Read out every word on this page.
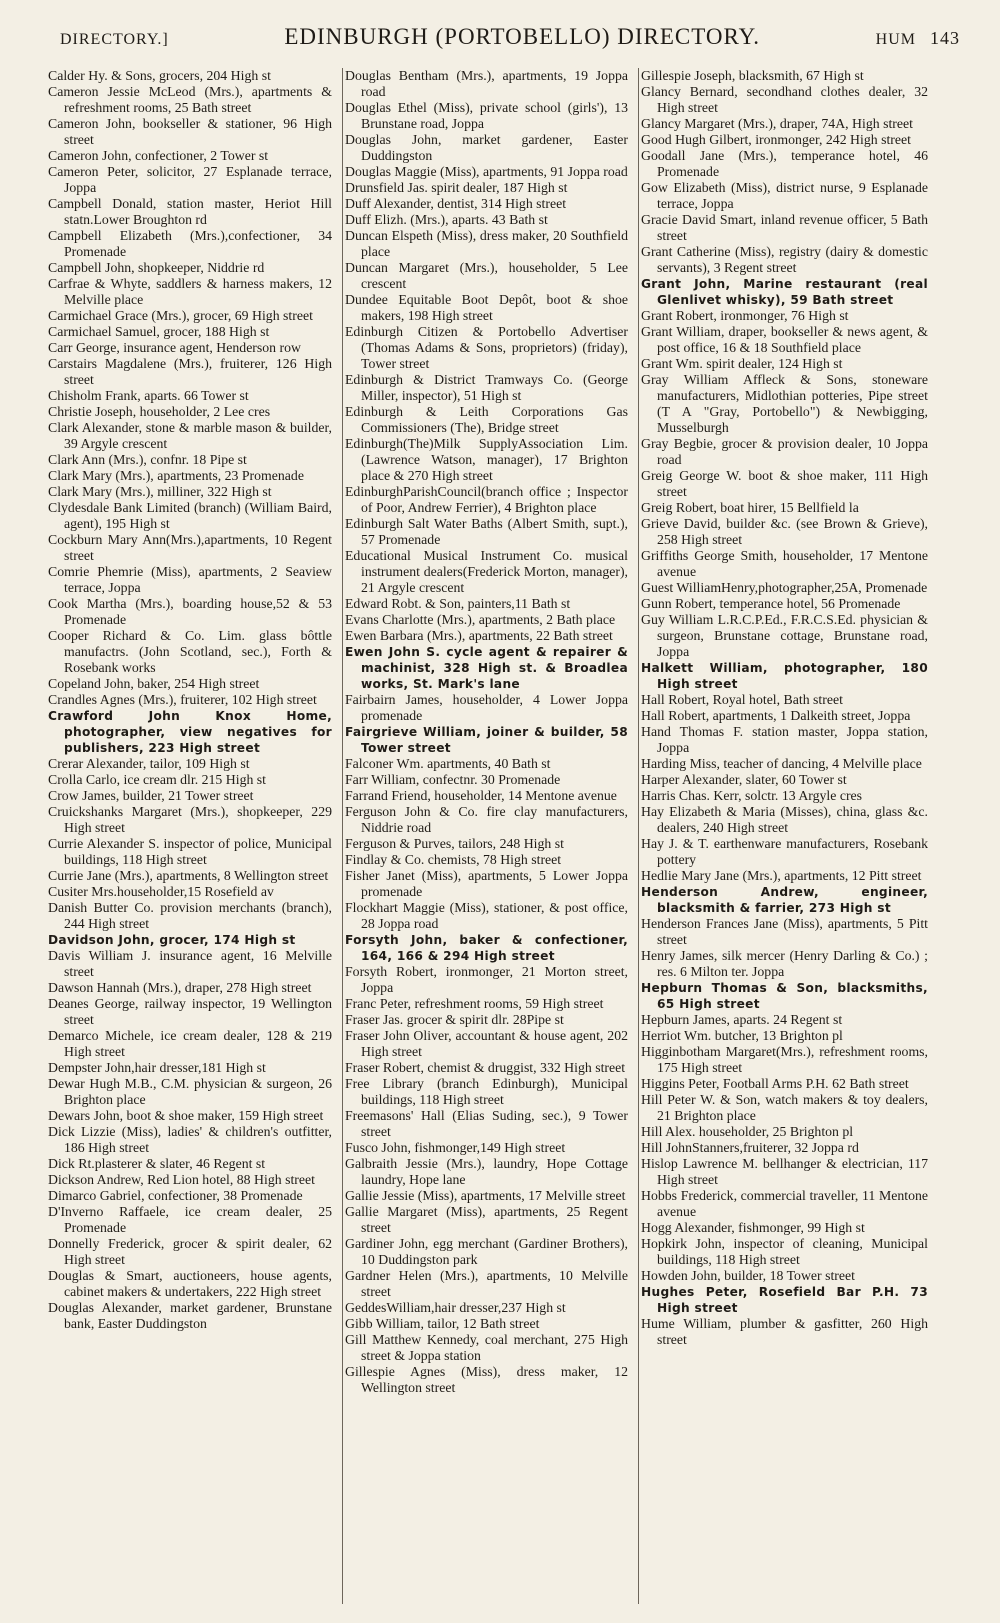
DIRECTORY.]	EDINBURGH (PORTOBELLO) DIRECTORY.	HUM 143
Calder Hy. & Sons, grocers, 204 High st
Cameron Jessie McLeod (Mrs.), apartments & refreshment rooms, 25 Bath street
Cameron John, bookseller & stationer, 96 High street
Cameron John, confectioner, 2 Tower st
Cameron Peter, solicitor, 27 Esplanade terrace, Joppa
Campbell Donald, station master, Heriot Hill statn.Lower Broughton rd
Campbell Elizabeth (Mrs.),confectioner, 34 Promenade
Campbell John, shopkeeper, Niddrie rd
Carfrae & Whyte, saddlers & harness makers, 12 Melville place
Carmichael Grace (Mrs.), grocer, 69 High street
Carmichael Samuel, grocer, 188 High st
Carr George, insurance agent, Henderson row
Carstairs Magdalene (Mrs.), fruiterer, 126 High street
Chisholm Frank, aparts. 66 Tower st
Christie Joseph, householder, 2 Lee cres
Clark Alexander, stone & marble mason & builder, 39 Argyle crescent
Clark Ann (Mrs.), confnr. 18 Pipe st
Clark Mary (Mrs.), apartments, 23 Promenade
Clark Mary (Mrs.), milliner, 322 High st
Clydesdale Bank Limited (branch) (William Baird, agent), 195 High st
Cockburn Mary Ann(Mrs.),apartments, 10 Regent street
Comrie Phemrie (Miss), apartments, 2 Seaview terrace, Joppa
Cook Martha (Mrs.), boarding house,52 & 53 Promenade
Cooper Richard & Co. Lim. glass bôttle manufactrs. (John Scotland, sec.), Forth & Rosebank works
Copeland John, baker, 254 High street
Crandles Agnes (Mrs.), fruiterer, 102 High street
Crawford John Knox Home, photographer, view negatives for publishers, 223 High street
Crerar Alexander, tailor, 109 High st
Crolla Carlo, ice cream dlr. 215 High st
Crow James, builder, 21 Tower street
Cruickshanks Margaret (Mrs.), shopkeeper, 229 High street
Currie Alexander S. inspector of police, Municipal buildings, 118 High street
Currie Jane (Mrs.), apartments, 8 Wellington street
Cusiter Mrs.householder,15 Rosefield av
Danish Butter Co. provision merchants (branch), 244 High street
Davidson John, grocer, 174 High st
Davis William J. insurance agent, 16 Melville street
Dawson Hannah (Mrs.), draper, 278 High street
Deanes George, railway inspector, 19 Wellington street
Demarco Michele, ice cream dealer, 128 & 219 High street
Dempster John,hair dresser,181 High st
Dewar Hugh M.B., C.M. physician & surgeon, 26 Brighton place
Dewars John, boot & shoe maker, 159 High street
Dick Lizzie (Miss), ladies' & children's outfitter, 186 High street
Dick Rt.plasterer & slater, 46 Regent st
Dickson Andrew, Red Lion hotel, 88 High street
Dimarco Gabriel, confectioner, 38 Promenade
D'Inverno Raffaele, ice cream dealer, 25 Promenade
Donnelly Frederick, grocer & spirit dealer, 62 High street
Douglas & Smart, auctioneers, house agents, cabinet makers & undertakers, 222 High street
Douglas Alexander, market gardener, Brunstane bank, Easter Duddingston
Douglas Bentham (Mrs.), apartments, 19 Joppa road
Douglas Ethel (Miss), private school (girls'), 13 Brunstane road, Joppa
Douglas John, market gardener, Easter Duddingston
Douglas Maggie (Miss), apartments, 91 Joppa road
Drunsfield Jas. spirit dealer, 187 High st
Duff Alexander, dentist, 314 High street
Duff Elizh. (Mrs.), aparts. 43 Bath st
Duncan Elspeth (Miss), dress maker, 20 Southfield place
Duncan Margaret (Mrs.), householder, 5 Lee crescent
Dundee Equitable Boot Depôt, boot & shoe makers, 198 High street
Edinburgh Citizen & Portobello Advertiser (Thomas Adams & Sons, proprietors) (friday), Tower street
Edinburgh & District Tramways Co. (George Miller, inspector), 51 High st
Edinburgh & Leith Corporations Gas Commissioners (The), Bridge street
Edinburgh(The)Milk SupplyAssociation Lim. (Lawrence Watson, manager), 17 Brighton place & 270 High street
EdinburghParishCouncil(branch office ; Inspector of Poor, Andrew Ferrier), 4 Brighton place
Edinburgh Salt Water Baths (Albert Smith, supt.), 57 Promenade
Educational Musical Instrument Co. musical instrument dealers(Frederick Morton, manager), 21 Argyle crescent
Edward Robt. & Son, painters,11 Bath st
Evans Charlotte (Mrs.), apartments, 2 Bath place
Ewen Barbara (Mrs.), apartments, 22 Bath street
Ewen John S. cycle agent & repairer & machinist, 328 High st. & Broadlea works, St. Mark's lane
Fairbairn James, householder, 4 Lower Joppa promenade
Fairgrieve William, joiner & builder, 58 Tower street
Falconer Wm. apartments, 40 Bath st
Farr William, confectnr. 30 Promenade
Farrand Friend, householder, 14 Mentone avenue
Ferguson John & Co. fire clay manufacturers, Niddrie road
Ferguson & Purves, tailors, 248 High st
Findlay & Co. chemists, 78 High street
Fisher Janet (Miss), apartments, 5 Lower Joppa promenade
Flockhart Maggie (Miss), stationer, & post office, 28 Joppa road
Forsyth John, baker & confectioner, 164, 166 & 294 High street
Forsyth Robert, ironmonger, 21 Morton street, Joppa
Franc Peter, refreshment rooms, 59 High street
Fraser Jas. grocer & spirit dlr. 28Pipe st
Fraser John Oliver, accountant & house agent, 202 High street
Fraser Robert, chemist & druggist, 332 High street
Free Library (branch Edinburgh), Municipal buildings, 118 High street
Freemasons' Hall (Elias Suding, sec.), 9 Tower street
Fusco John, fishmonger,149 High street
Galbraith Jessie (Mrs.), laundry, Hope Cottage laundry, Hope lane
Gallie Jessie (Miss), apartments, 17 Melville street
Gallie Margaret (Miss), apartments, 25 Regent street
Gardiner John, egg merchant (Gardiner Brothers), 10 Duddingston park
Gardner Helen (Mrs.), apartments, 10 Melville street
GeddesWilliam,hair dresser,237 High st
Gibb William, tailor, 12 Bath street
Gill Matthew Kennedy, coal merchant, 275 High street & Joppa station
Gillespie Agnes (Miss), dress maker, 12 Wellington street
Gillespie Joseph, blacksmith, 67 High st
Glancy Bernard, secondhand clothes dealer, 32 High street
Glancy Margaret (Mrs.), draper, 74A, High street
Good Hugh Gilbert, ironmonger, 242 High street
Goodall Jane (Mrs.), temperance hotel, 46 Promenade
Gow Elizabeth (Miss), district nurse, 9 Esplanade terrace, Joppa
Gracie David Smart, inland revenue officer, 5 Bath street
Grant Catherine (Miss), registry (dairy & domestic servants), 3 Regent street
Grant John, Marine restaurant (real Glenlivet whisky), 59 Bath street
Grant Robert, ironmonger, 76 High st
Grant William, draper, bookseller & news agent, & post office, 16 & 18 Southfield place
Grant Wm. spirit dealer, 124 High st
Gray William Affleck & Sons, stoneware manufacturers, Midlothian potteries, Pipe street (T A "Gray, Portobello") & Newbigging, Musselburgh
Gray Begbie, grocer & provision dealer, 10 Joppa road
Greig George W. boot & shoe maker, 111 High street
Greig Robert, boat hirer, 15 Bellfield la
Grieve David, builder &c. (see Brown & Grieve), 258 High street
Griffiths George Smith, householder, 17 Mentone avenue
Guest WilliamHenry,photographer,25A, Promenade
Gunn Robert, temperance hotel, 56 Promenade
Guy William L.R.C.P.Ed., F.R.C.S.Ed. physician & surgeon, Brunstane cottage, Brunstane road, Joppa
Halkett William, photographer, 180 High street
Hall Robert, Royal hotel, Bath street
Hall Robert, apartments, 1 Dalkeith street, Joppa
Hand Thomas F. station master, Joppa station, Joppa
Harding Miss, teacher of dancing, 4 Melville place
Harper Alexander, slater, 60 Tower st
Harris Chas. Kerr, solctr. 13 Argyle cres
Hay Elizabeth & Maria (Misses), china, glass &c. dealers, 240 High street
Hay J. & T. earthenware manufacturers, Rosebank pottery
Hedlie Mary Jane (Mrs.), apartments, 12 Pitt street
Henderson Andrew, engineer, blacksmith & farrier, 273 High st
Henderson Frances Jane (Miss), apartments, 5 Pitt street
Henry James, silk mercer (Henry Darling & Co.) ; res. 6 Milton ter. Joppa
Hepburn Thomas & Son, blacksmiths, 65 High street
Hepburn James, aparts. 24 Regent st
Herriot Wm. butcher, 13 Brighton pl
Higginbotham Margaret(Mrs.), refreshment rooms, 175 High street
Higgins Peter, Football Arms P.H. 62 Bath street
Hill Peter W. & Son, watch makers & toy dealers, 21 Brighton place
Hill Alex. householder, 25 Brighton pl
Hill JohnStanners,fruiterer, 32 Joppa rd
Hislop Lawrence M. bellhanger & electrician, 117 High street
Hobbs Frederick, commercial traveller, 11 Mentone avenue
Hogg Alexander, fishmonger, 99 High st
Hopkirk John, inspector of cleaning, Municipal buildings, 118 High street
Howden John, builder, 18 Tower street
Hughes Peter, Rosefield Bar P.H. 73 High street
Hume William, plumber & gasfitter, 260 High street
